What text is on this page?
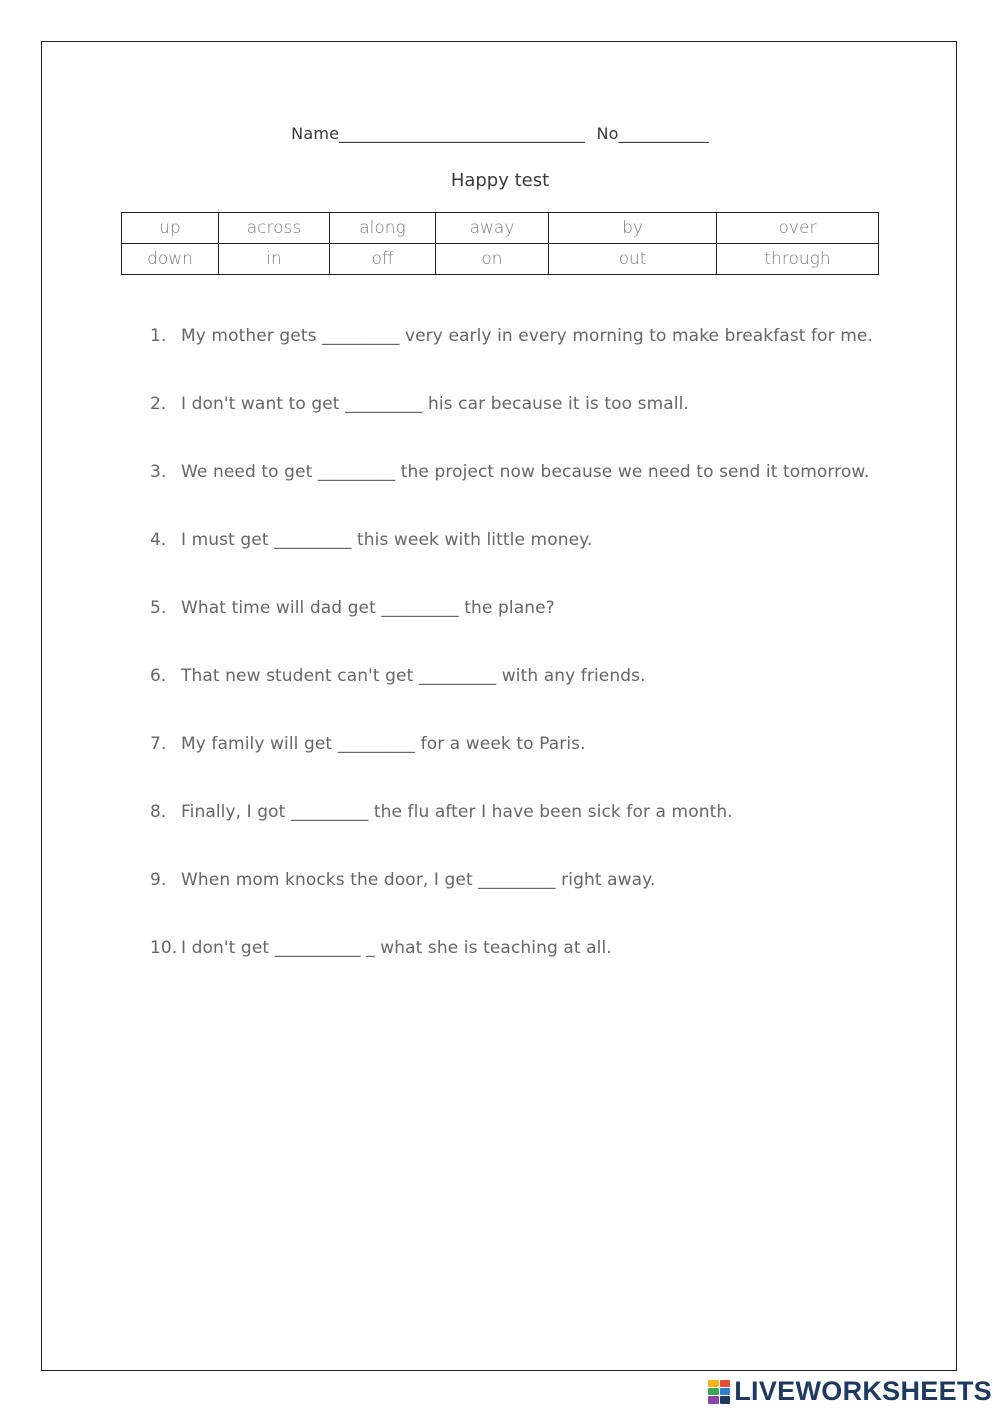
Name______________________________ No___________
Happy test
up	across	along	away	by	over
down	in	off	on	out	through
1. My mother gets _________ very early in every morning to make breakfast for me.
2. I don't want to get _________ his car because it is too small.
3. We need to get _________ the project now because we need to send it tomorrow.
4. I must get _________ this week with little money.
5. What time will dad get _________ the plane?
6. That new student can't get _________ with any friends.
7. My family will get _________ for a week to Paris.
8. Finally, I got _________ the flu after I have been sick for a month.
9. When mom knocks the door, I get _________ right away.
10. I don't get __________ _ what she is teaching at all.
LIVEWORKSHEETS
